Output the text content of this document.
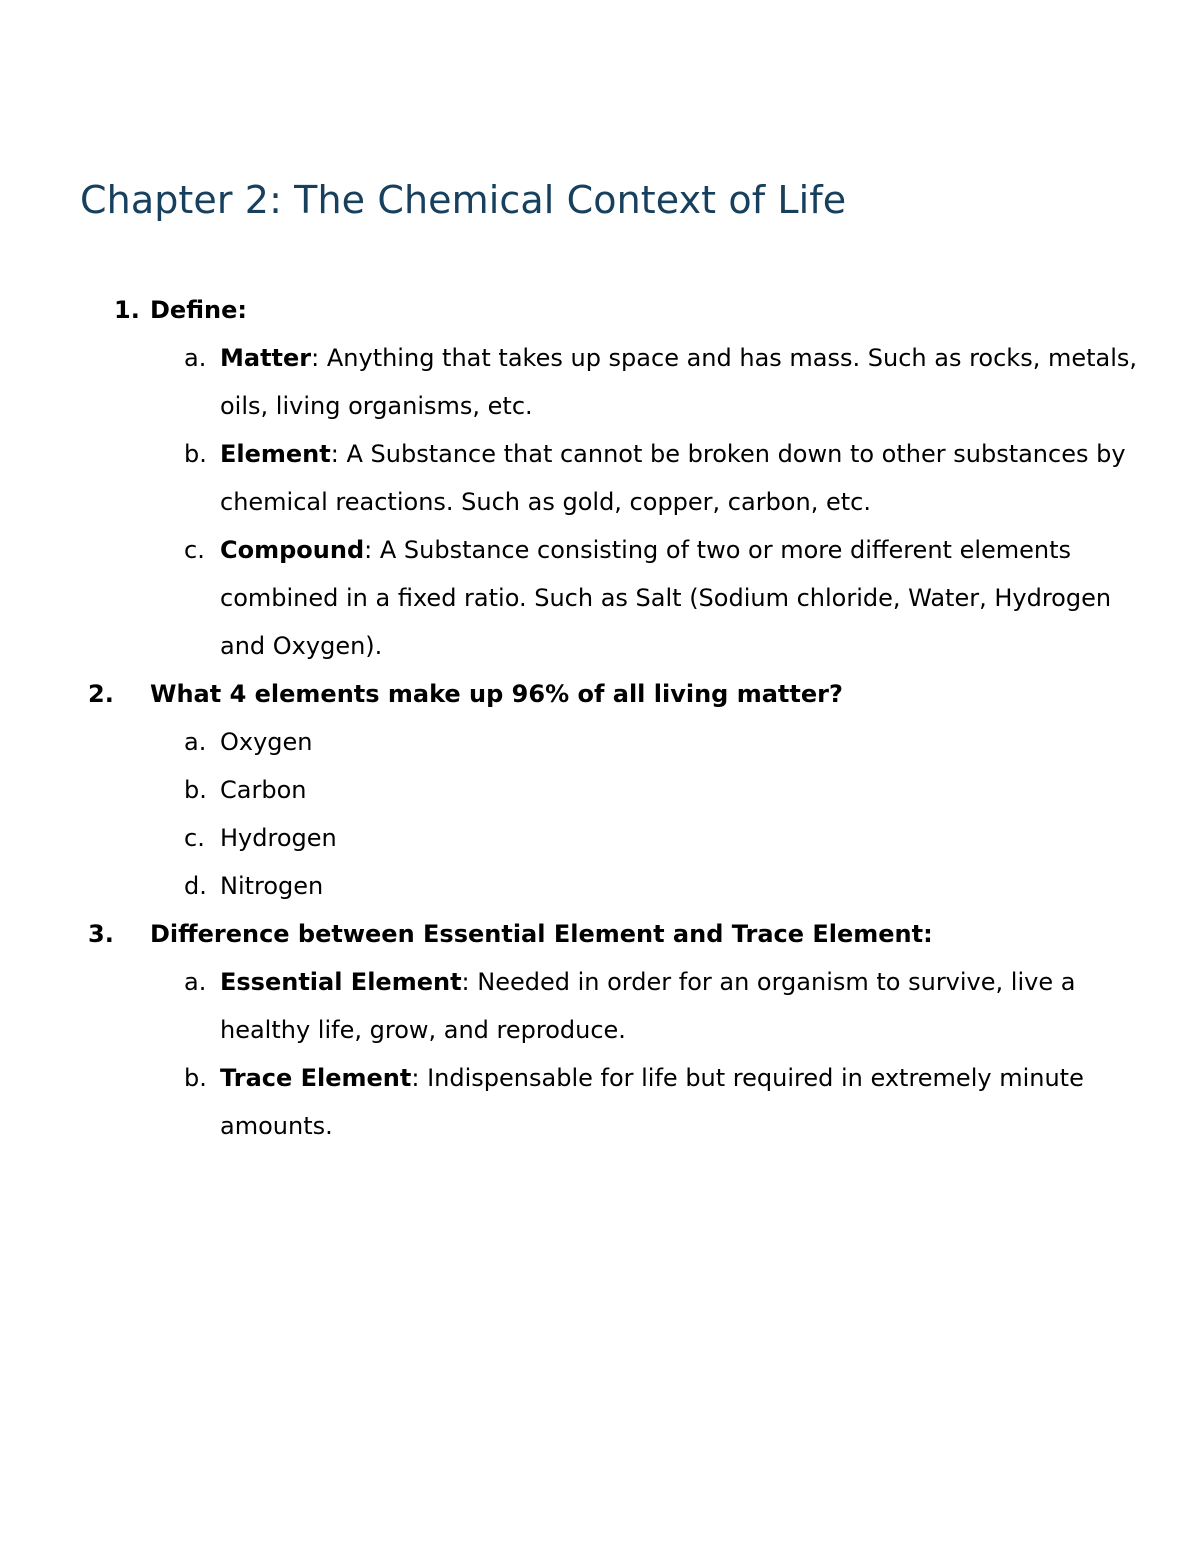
Chapter 2: The Chemical Context of Life
1. Define:
a. Matter: Anything that takes up space and has mass. Such as rocks, metals, oils, living organisms, etc.
b. Element: A Substance that cannot be broken down to other substances by chemical reactions. Such as gold, copper, carbon, etc.
c. Compound: A Substance consisting of two or more different elements combined in a fixed ratio. Such as Salt (Sodium chloride, Water, Hydrogen and Oxygen).
2. What 4 elements make up 96% of all living matter?
a. Oxygen
b. Carbon
c. Hydrogen
d. Nitrogen
3. Difference between Essential Element and Trace Element:
a. Essential Element: Needed in order for an organism to survive, live a healthy life, grow, and reproduce.
b. Trace Element: Indispensable for life but required in extremely minute amounts.
